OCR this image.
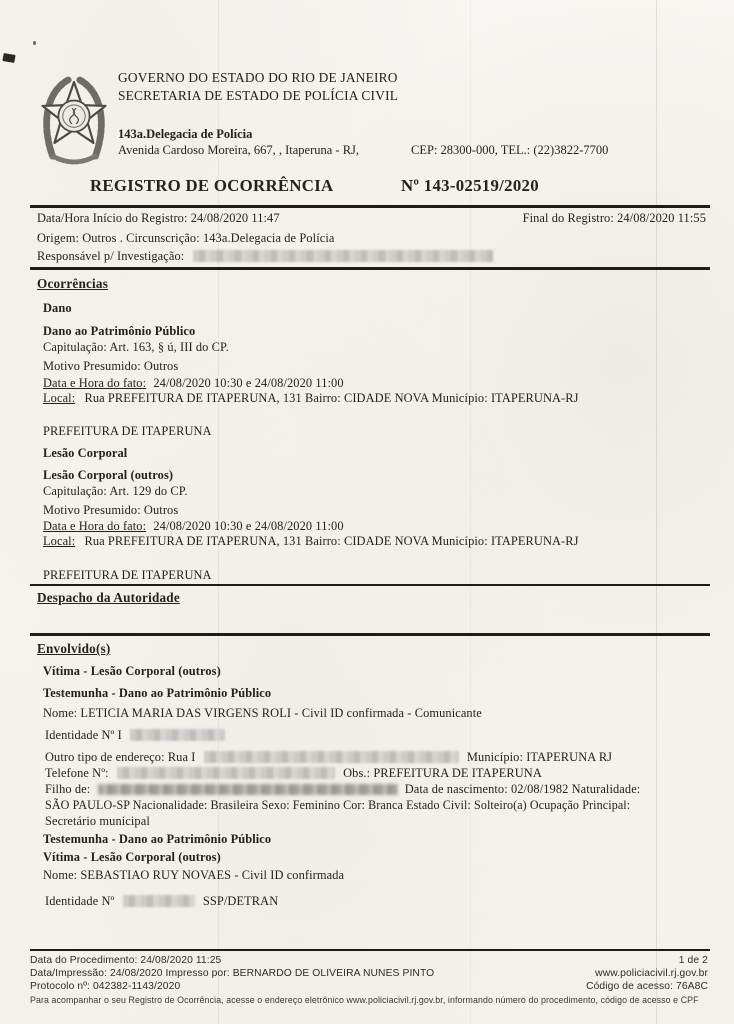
GOVERNO DO ESTADO DO RIO DE JANEIRO
SECRETARIA DE ESTADO DE POLÍCIA CIVIL
143a.Delegacia de Polícia
Avenida Cardoso Moreira, 667, , Itaperuna - RJ,	CEP: 28300-000, TEL.: (22)3822-7700
REGISTRO DE OCORRÊNCIA	Nº 143-02519/2020
Data/Hora Início do Registro: 24/08/2020 11:47	Final do Registro: 24/08/2020 11:55
Origem: Outros . Circunscrição: 143a.Delegacia de Polícia
Responsável p/ Investigação:
Ocorrências
Dano
Dano ao Patrimônio Público
Capitulação: Art. 163, § ú, III do CP.
Motivo Presumido: Outros
Data e Hora do fato: 24/08/2020 10:30 e 24/08/2020 11:00
Local: Rua PREFEITURA DE ITAPERUNA, 131 Bairro: CIDADE NOVA Município: ITAPERUNA-RJ
PREFEITURA DE ITAPERUNA
Lesão Corporal
Lesão Corporal (outros)
Capitulação: Art. 129 do CP.
Motivo Presumido: Outros
Data e Hora do fato: 24/08/2020 10:30 e 24/08/2020 11:00
Local: Rua PREFEITURA DE ITAPERUNA, 131 Bairro: CIDADE NOVA Município: ITAPERUNA-RJ
PREFEITURA DE ITAPERUNA
Despacho da Autoridade
Envolvido(s)
Vítima - Lesão Corporal (outros)
Testemunha - Dano ao Patrimônio Público
Nome: LETICIA MARIA DAS VIRGENS ROLI - Civil ID confirmada - Comunicante
Identidade Nº I
Outro tipo de endereço: Rua I	Município: ITAPERUNA RJ
Telefone Nº:	Obs.: PREFEITURA DE ITAPERUNA
Filho de:	Data de nascimento: 02/08/1982 Naturalidade:
SÃO PAULO-SP Nacionalidade: Brasileira Sexo: Feminino Cor: Branca Estado Civil: Solteiro(a) Ocupação Principal:
Secretário municipal
Testemunha - Dano ao Patrimônio Público
Vítima - Lesão Corporal (outros)
Nome: SEBASTIAO RUY NOVAES - Civil ID confirmada
Identidade Nº	SSP/DETRAN
Data do Procedimento: 24/08/2020 11:25	1 de 2
Data/Impressão: 24/08/2020 Impresso por: BERNARDO DE OLIVEIRA NUNES PINTO	www.policiacivil.rj.gov.br
Protocolo nº: 042382-1143/2020	Código de acesso: 76A8C
Para acompanhar o seu Registro de Ocorrência, acesse o endereço eletrônico www.policiacivil.rj.gov.br, informando número do procedimento, código de acesso e CPF
